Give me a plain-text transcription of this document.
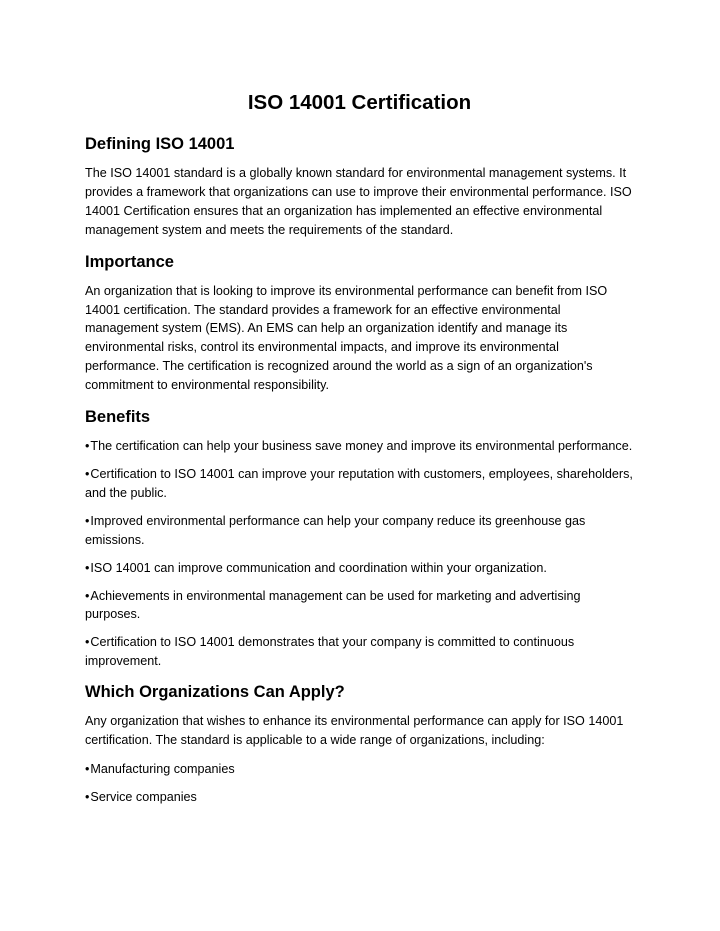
ISO 14001 Certification
Defining ISO 14001

The ISO 14001 standard is a globally known standard for environmental management systems. It provides a framework that organizations can use to improve their environmental performance. ISO 14001 Certification ensures that an organization has implemented an effective environmental management system and meets the requirements of the standard.

Importance

An organization that is looking to improve its environmental performance can benefit from ISO 14001 certification. The standard provides a framework for an effective environmental management system (EMS). An EMS can help an organization identify and manage its environmental risks, control its environmental impacts, and improve its environmental performance. The certification is recognized around the world as a sign of an organization's commitment to environmental responsibility.

Benefits

•The certification can help your business save money and improve its environmental performance.

•Certification to ISO 14001 can improve your reputation with customers, employees, shareholders, and the public.

•Improved environmental performance can help your company reduce its greenhouse gas emissions.

•ISO 14001 can improve communication and coordination within your organization.

•Achievements in environmental management can be used for marketing and advertising purposes.

•Certification to ISO 14001 demonstrates that your company is committed to continuous improvement.

Which Organizations Can Apply?

Any organization that wishes to enhance its environmental performance can apply for ISO 14001 certification. The standard is applicable to a wide range of organizations, including:

•Manufacturing companies

•Service companies
